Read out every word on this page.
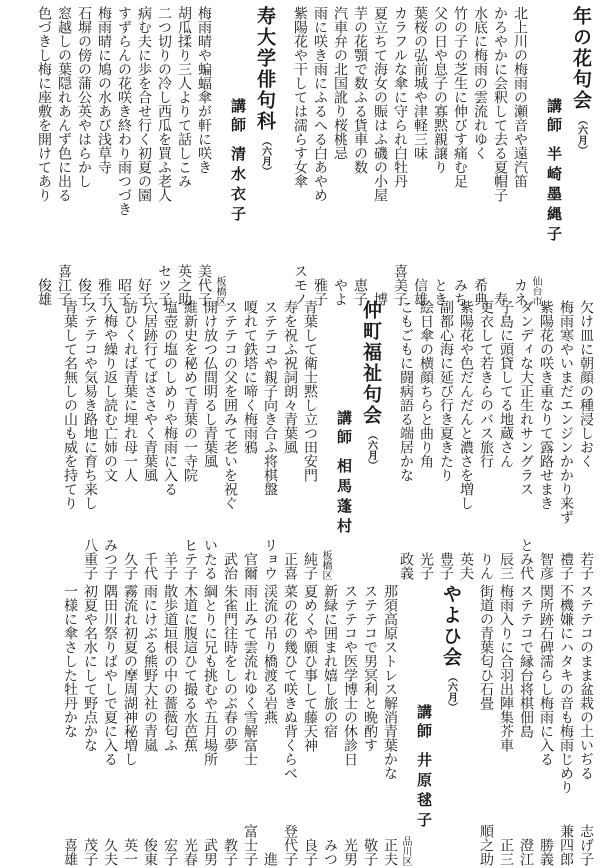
年の花句会
（六月）
講師
半崎墨縄子
仙台市
北上川の梅雨の瀬音や遠汽笛
カネ
かろやかに会釈して去る夏帽子
寿
水底に梅雨の雲流れゆく
希典
竹の子の芝生に伸びす痛む足
みち
父の日や息子の寡黙親譲り
とき
葉桜の弘前城や津軽三味
信雄
カラフルな傘に守られ白牡丹
喜美子
夏立ちて海女の賑はふ磯の小屋
博
芋の花顎で数ふる貨車の数
恵子
汽車弁の北国訛り桜桃忌
やよ
雨に咲き雨にふるへる白あやめ
雅子
紫陽花や干しては濡らす女傘
スモノ
寿大学俳句科
（六月）
講師
清水衣子
板橋区
梅雨晴や蝙蝠傘が軒に咲き
美代子
胡瓜揉り三人よりて話しこみ
英之助
二つ切りの冷し西瓜を買ふ老人
セツ子
病む夫に歩を合せ行く初夏の園
好子
すずらんの花咲き終わり雨つづき
昭子
梅雨晴に鳩の水あび浅草寺
雅子
石塀の傍の蒲公英やはらかし
俊子
窓越しの葉隠れあんず色に出る
喜江子
色づきし梅に座敷を開けてあり
俊雄
欠け皿に朝顔の種浸しおく
若子
梅雨寒やいまだエンジンかかり来ず
禮子
紫陽花の咲き重なりて露路せまき
智彦
ダンディな大正生れサングラス
とみ代
子島に頭貸してる地蔵さん
辰三
更衣して若きらのバス旅行
りん
紫陽花や色だんだんと濃さを増し
英夫
副都心海に延び行き夏きたり
豊子
絵日傘の横顔ちらと曲り角
光子
こもごもに闘病語る端居かな
政義
仲町福祉句会
（六月）
講師
相馬蓬村
板橋区
青葉して衛士黙し立つ田安門
純子
寿を祝ふ祝詞朗々青葉風
正喜
ステテコや親子向き合ふ将棋盤
リョウ
嗄れて鉄塔に啼く梅雨鴉
官爾
ステテコの父を囲みて老いを祝ぐ
武治
開け放つ仏間明るし青葉風
いたる
維新史を秘めて青葉の一寺院
ヒテ子
塩壺の塩のしめりや梅雨に入る
羊子
穴居跡行てばささやく青葉風
千代
訪ひくれば青葉に埋れ母一人
久子
入梅や繰り返し読む亡姉の文
みつ子
ステテコや気易き路地に育ち来し
八重子
青葉して名無しの山も威を持てり
ステテコのまま盆栽の土いぢる
志げ子
不機嫌にハタキの音も梅雨じめり
兼四郎
関所跡石碑濡らし梅雨に入る
勝義
ステテコで縁台将棋佃島
澄江
梅雨入りに合羽出陣集芥車
正三
街道の青葉匂ひ石畳
順之助
やよひ会
（六月）
講師
井原毬子
品川区
那須高原ストレス解消青葉かな
正夫
ステテコで男冥利と晩酌す
敬子
ステテコや医学博士の休診日
光男
新緑に囲まれ嬉し旅の宿
みつ
夏めくや願ひ事して藤天神
良子
菜の花の幾ひて咲きぬ背くらべ
登代子
渓流の吊り橋渡る岩燕
進
雨止みて雲流れゆく雪解富士
富士子
朱雀門往時をしのぶ春の夢
教子
綱とりに兄も挑むや五月場所
武男
木道に腹這ひて撮る水芭蕉
光春
散歩道垣根の中の薔薇匂ふ
宏子
雨にけぶる熊野大社の青嵐
俊東
霧流れ初夏の摩周湖神秘増し
英一
隅田川祭りばやしで夏に入る
久夫
初夏や名水にして野点かな
茂子
一様に傘さした牡丹かな
喜雄
